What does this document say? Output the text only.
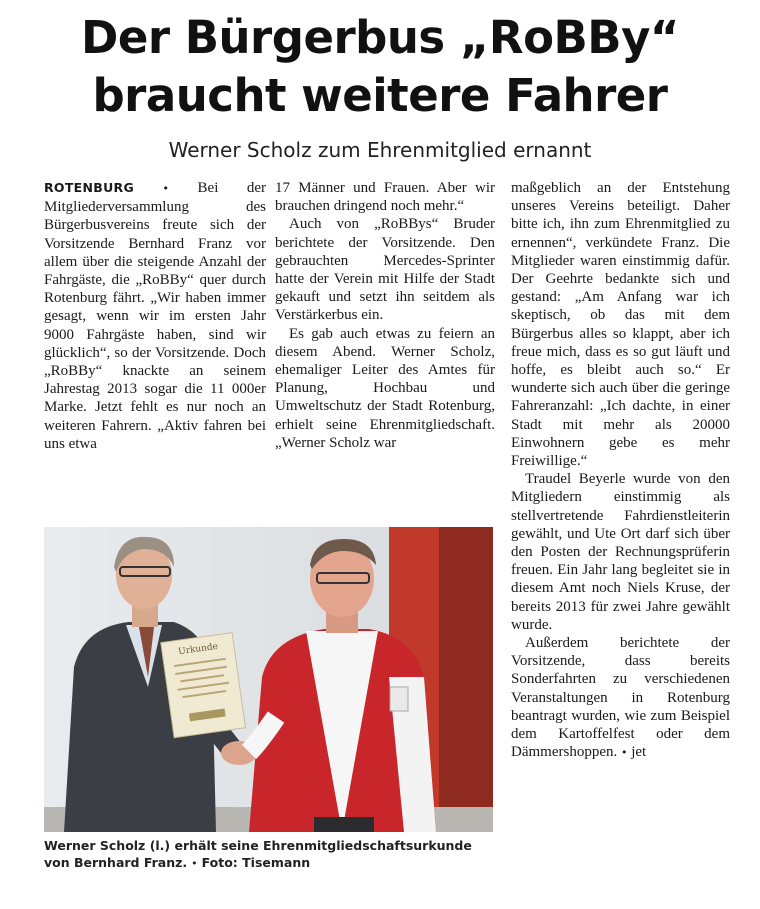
Der Bürgerbus „RoBBy“
braucht weitere Fahrer
Werner Scholz zum Ehrenmitglied ernannt

ROTENBURG	• Bei der Mitgliederversammlung des Bürgerbusvereins freute sich der Vorsitzende Bernhard Franz vor allem über die steigende Anzahl der Fahrgäste, die „RoBBy“ quer durch Rotenburg fährt. „Wir haben immer gesagt, wenn wir im ersten Jahr 9000 Fahrgäste haben, sind wir glücklich“, so der Vorsitzende. Doch „RoBBy“ knackte an seinem Jahrestag 2013 sogar die 11 000er Marke. Jetzt fehlt es nur noch an weiteren Fahrern. „Aktiv fahren bei uns etwa

17 Männer und Frauen. Aber wir brauchen dringend noch mehr.“

Auch von „RoBBys“ Bruder berichtete der Vorsitzende. Den gebrauchten Mercedes-Sprinter hatte der Verein mit Hilfe der Stadt gekauft und setzt ihn seitdem als Verstärkerbus ein.

Es gab auch etwas zu feiern an diesem Abend. Werner Scholz, ehemaliger Leiter des Amtes für Planung, Hochbau und Umweltschutz der Stadt Rotenburg, erhielt seine Ehrenmitgliedschaft. „Werner Scholz war

maßgeblich an der Entstehung unseres Vereins beteiligt. Daher bitte ich, ihn zum Ehrenmitglied zu ernennen“, verkündete Franz. Die Mitglieder waren einstimmig dafür. Der Geehrte bedankte sich und gestand: „Am Anfang war ich skeptisch, ob das mit dem Bürgerbus alles so klappt, aber ich freue mich, dass es so gut läuft und hoffe, es bleibt auch so.“ Er wunderte sich auch über die geringe Fahreranzahl: „Ich dachte, in einer Stadt mit mehr als 20000 Einwohnern gebe es mehr Freiwillige.“

Traudel Beyerle wurde von den Mitgliedern einstimmig als stellvertretende Fahrdienstleiterin gewählt, und Ute Ort darf sich über den Posten der Rechnungsprüferin freuen. Ein Jahr lang begleitet sie in diesem Amt noch Niels Kruse, der bereits 2013 für zwei Jahre gewählt wurde.

Außerdem berichtete der Vorsitzende, dass bereits Sonderfahrten zu verschiedenen Veranstaltungen in Rotenburg beantragt wurden, wie zum Beispiel dem Kartoffelfest oder dem Dämmershoppen. • jet

Urkunde
Werner Scholz (l.) erhält seine Ehrenmitgliedschaftsurkunde von Bernhard Franz. • Foto: Tisemann
